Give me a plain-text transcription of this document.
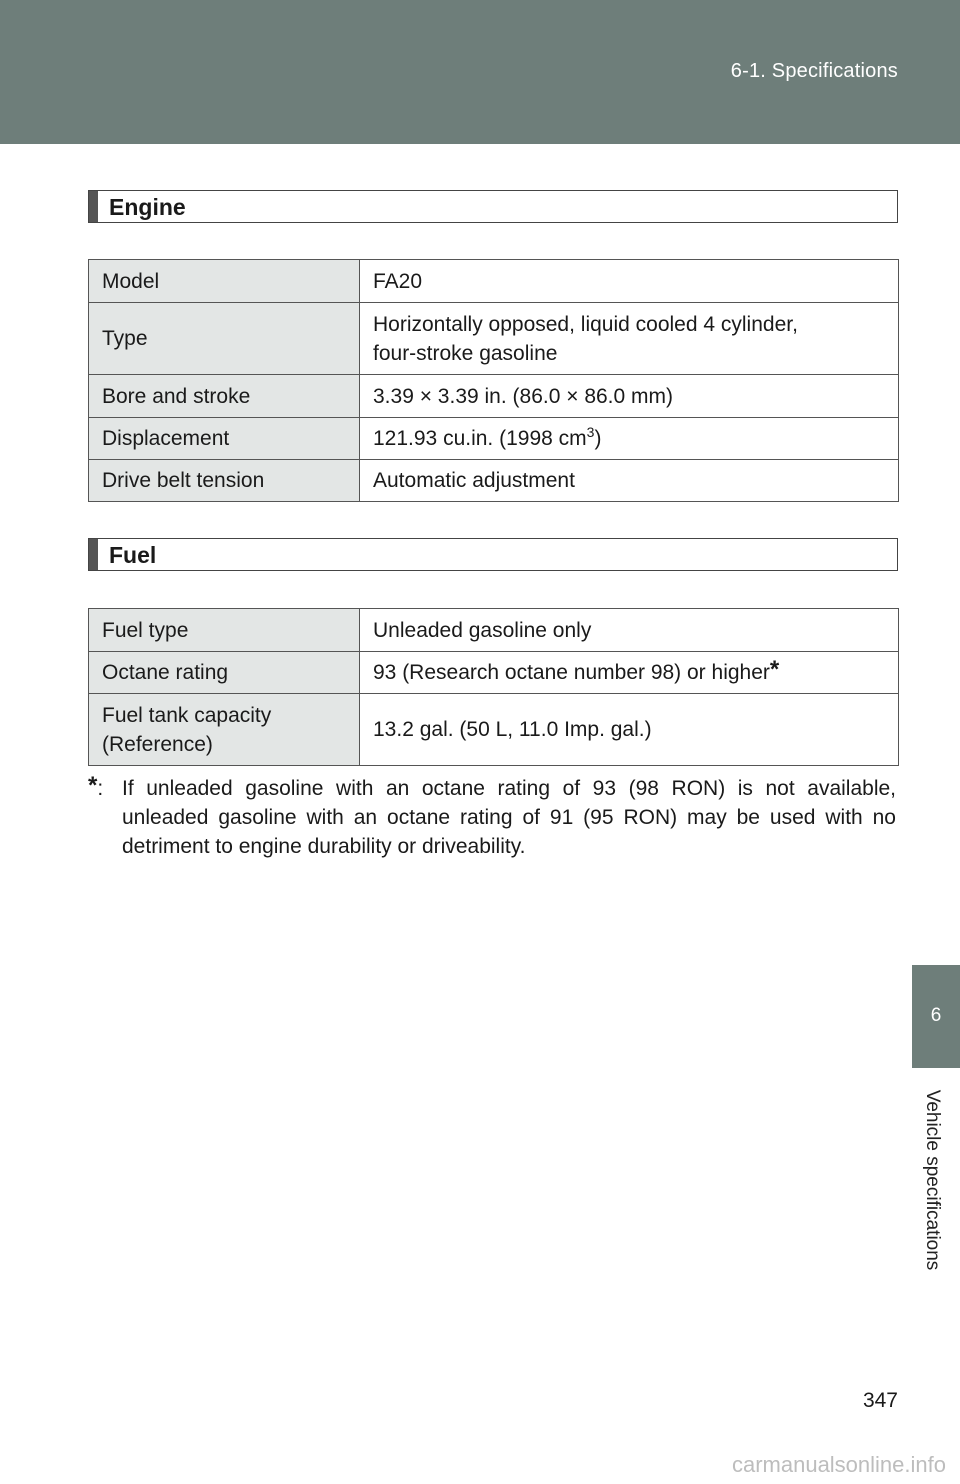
6-1. Specifications
6
Vehicle specifications
Engine
Model	FA20
Type	Horizontally opposed, liquid cooled 4 cylinder,
four-stroke gasoline

Bore and stroke	3.39 × 3.39 in. (86.0 × 86.0 mm)
Displacement	121.93 cu.in. (1998 $cm^3$)
Drive belt tension	Automatic adjustment
Fuel
Fuel type	Unleaded gasoline only
Octane rating	93 (Research octane number 98) or higher*

Fuel tank capacity
(Reference)	13.2 gal. (50 L, 11.0 Imp. gal.)
*: If unleaded gasoline with an octane rating of 93 (98 RON) is not available, unleaded gasoline with an octane rating of 91 (95 RON) may be used with no detriment to engine durability or driveability.
347
carmanualsonline.info
